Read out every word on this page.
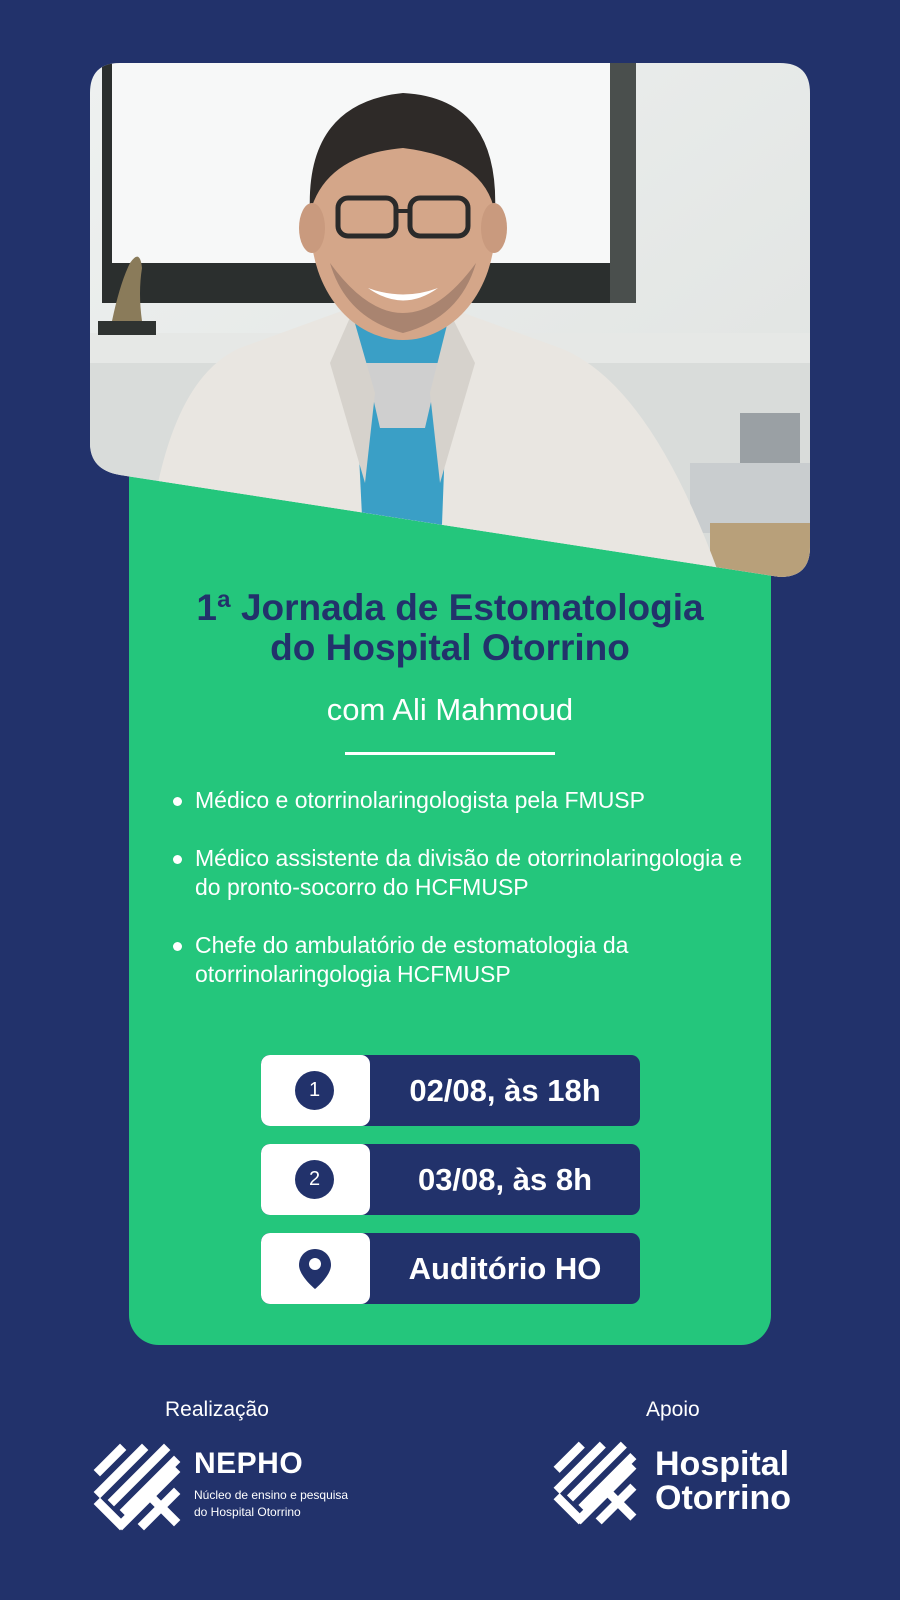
1ª Jornada de Estomatologia
do Hospital Otorrino

com Ali Mahmoud

Médico e otorrinolaringologista pela FMUSP
Médico assistente da divisão de otorrinolaringologia e do pronto-socorro do HCFMUSP
Chefe do ambulatório de estomatologia da otorrinolaringologia HCFMUSP
1	02/08, às 18h
2	03/08, às 8h
Auditório HO

Realização	Apoio

NEPHO

Núcleo de ensino e pesquisa
do Hospital Otorrino

Hospital
Otorrino
